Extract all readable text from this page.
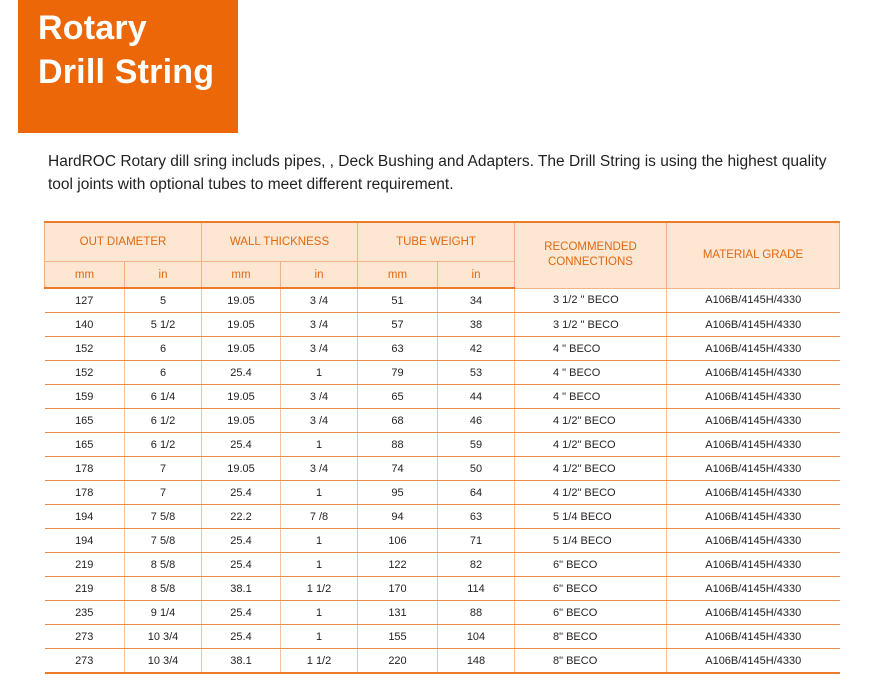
Rotary
Drill String

HardROC Rotary dill sring includs pipes, , Deck Bushing and Adapters. The Drill String is using the highest quality tool joints with optional tubes to meet different requirement.

OUT DIAMETER		WALL THICKNESS		TUBE WEIGHT		RECOMMENDED CONNECTIONS	MATERIAL GRADE
mm	in	mm	in	mm	in		
127	5	19.05	3 /4	51	34	3 1/2 " BECO	A106B/4145H/4330
140	5 1/2	19.05	3 /4	57	38	3 1/2 " BECO	A106B/4145H/4330
152	6	19.05	3 /4	63	42	4 " BECO	A106B/4145H/4330
152	6	25.4	1	79	53	4 " BECO	A106B/4145H/4330
159	6 1/4	19.05	3 /4	65	44	4 " BECO	A106B/4145H/4330
165	6 1/2	19.05	3 /4	68	46	4 1/2" BECO	A106B/4145H/4330
165	6 1/2	25.4	1	88	59	4 1/2" BECO	A106B/4145H/4330
178	7	19.05	3 /4	74	50	4 1/2" BECO	A106B/4145H/4330
178	7	25.4	1	95	64	4 1/2" BECO	A106B/4145H/4330
194	7 5/8	22.2	7 /8	94	63	5 1/4 BECO	A106B/4145H/4330
194	7 5/8	25.4	1	106	71	5 1/4 BECO	A106B/4145H/4330
219	8 5/8	25.4	1	122	82	6" BECO	A106B/4145H/4330
219	8 5/8	38.1	1 1/2	170	114	6" BECO	A106B/4145H/4330
235	9 1/4	25.4	1	131	88	6" BECO	A106B/4145H/4330
273	10 3/4	25.4	1	155	104	8" BECO	A106B/4145H/4330
273	10 3/4	38.1	1 1/2	220	148	8" BECO	A106B/4145H/4330
